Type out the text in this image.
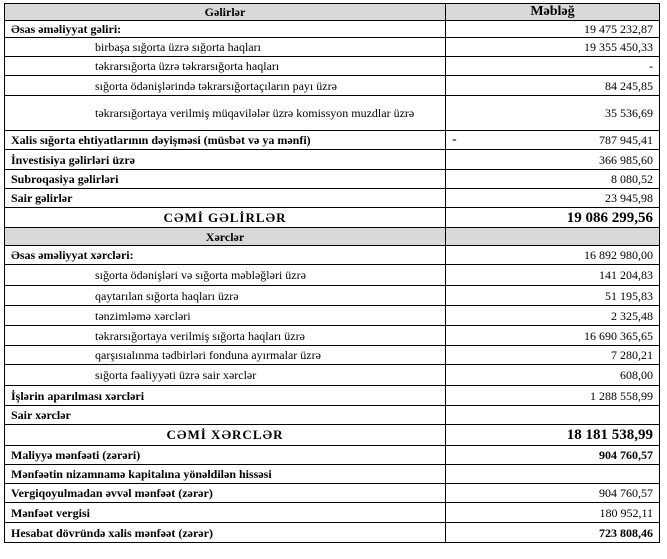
Gəlirlər	Məbləğ
Əsas əməliyyat gəliri:	19 475 232,87
birbaşa sığorta üzrə sığorta haqları	19 355 450,33
təkrarsığorta üzrə təkrarsığorta haqları	-
sığorta ödənişlərində təkrarsığortaçıların payı üzrə	84 245,85
təkrarsığortaya verilmiş müqavilələr üzrə komissyon muzdlar üzrə	35 536,69
Xalis sığorta ehtiyatlarının dəyişməsi (müsbət və ya mənfi)	- 787 945,41
İnvestisiya gəlirləri üzrə	366 985,60
Subroqasiya gəlirləri	8 080,52
Sair gəlirlər	23 945,98
CƏMİ GƏLİRLƏR	19 086 299,56
Xərclər	
Əsas əməliyyat xərcləri:	16 892 980,00
sığorta ödənişləri və sığorta məbləğləri üzrə	141 204,83
qaytarılan sığorta haqları üzrə	51 195,83
tənzimləmə xərcləri	2 325,48
təkrarsığortaya verilmiş sığorta haqları üzrə	16 690 365,65
qarşısıalınma tədbirləri fonduna ayırmalar üzrə	7 280,21
sığorta fəaliyyəti üzrə sair xərclər	608,00
İşlərin aparılması xərcləri	1 288 558,99
Sair xərclər	
CƏMİ XƏRCLƏR	18 181 538,99
Maliyyə mənfəəti (zərəri)	904 760,57
Mənfəətin nizamnamə kapitalına yönəldilən hissəsi	
Vergiqoyulmadan əvvəl mənfəət (zərər)	904 760,57
Mənfəət vergisi	180 952,11
Hesabat dövründə xalis mənfəət (zərər)	723 808,46
